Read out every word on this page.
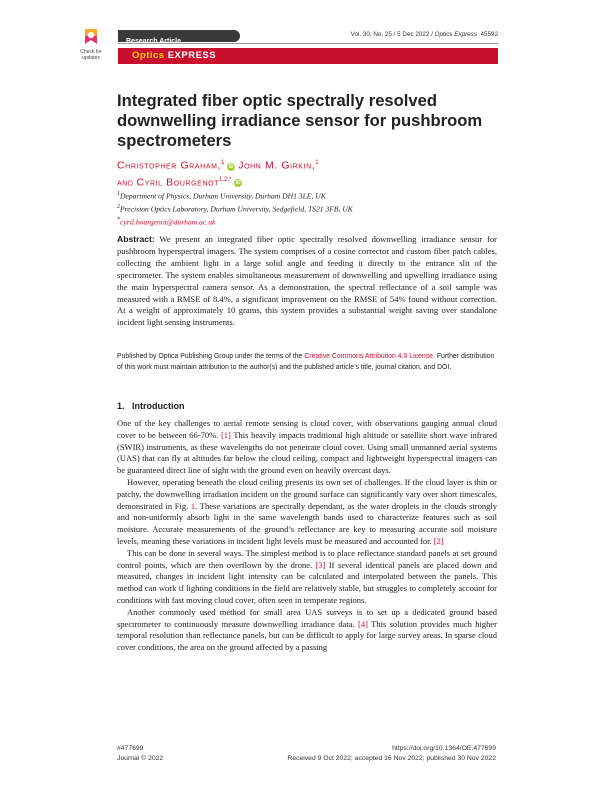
Check for updates
Research Article
Vol. 30, No. 25 / 5 Dec 2022 / Optics Express 45592
Optics EXPRESS
Integrated fiber optic spectrally resolved downwelling irradiance sensor for pushbroom spectrometers
Christopher Graham,$^1$ iD John M. Girkin,$^1$
and Cyril Bourgenot$^{1,2,*}$ iD
$^1$Department of Physics, Durham University, Durham DH1 3LE, UK
$^2$Precision Optics Laboratory, Durham University, Sedgefield, TS21 3FB, UK
*cyril.bourgenot@durham.ac.uk
Abstract: We present an integrated fiber optic spectrally resolved downwelling irradiance sensor for pushbroom hyperspectral imagers. The system comprises of a cosine corrector and custom fiber patch cables, collecting the ambient light in a large solid angle and feeding it directly to the entrance slit of the spectrometer. The system enables simultaneous measurement of downwelling and upwelling irradiance using the main hyperspectral camera sensor. As a demonstration, the spectral reflectance of a soil sample was measured with a RMSE of 8.4%, a significant improvement on the RMSE of 54% found without correction. At a weight of approximately 10 grams, this system provides a substantial weight saving over standalone incident light sensing instruments.
Published by Optica Publishing Group under the terms of the Creative Commons Attribution 4.0 License. Further distribution of this work must maintain attribution to the author(s) and the published article’s title, journal citation, and DOI.
1. Introduction

One of the key challenges to aerial remote sensing is cloud cover, with observations gauging annual cloud cover to be between 66-70%. [1] This heavily impacts traditional high altitude or satellite short wave infrared (SWIR) instruments, as these wavelengths do not penetrate cloud cover. Using small unmanned aerial systems (UAS) that can fly at altitudes far below the cloud ceiling, compact and lightweight hyperspectral imagers can be guaranteed direct line of sight with the ground even on heavily overcast days.

However, operating beneath the cloud ceiling presents its own set of challenges. If the cloud layer is thin or patchy, the downwelling irradiation incident on the ground surface can significantly vary over short timescales, demonstrated in Fig. 1. These variations are spectrally dependant, as the water droplets in the clouds strongly and non-uniformly absorb light in the same wavelength bands used to characterize features such as soil moisture. Accurate measurements of the ground’s reflectance are key to measuring accurate soil moisture levels, meaning these variations in incident light levels must be measured and accounted for. [2]

This can be done in several ways. The simplest method is to place reflectance standard panels at set ground control points, which are then overflown by the drone. [3] If several identical panels are placed down and measured, changes in incident light intensity can be calculated and interpolated between the panels. This method can work if lighting conditions in the field are relatively stable, but struggles to completely account for conditions with fast moving cloud cover, often seen in temperate regions.

Another commonly used method for small area UAS surveys is to set up a dedicated ground based spectrometer to continuously measure downwelling irradiance data. [4] This solution provides much higher temporal resolution than reflectance panels, but can be difficult to apply for large survey areas. In sparse cloud cover conditions, the area on the ground affected by a passing

#477699
Journal © 2022
https://doi.org/10.1364/OE.477699
Received 9 Oct 2022; accepted 16 Nov 2022; published 30 Nov 2022
